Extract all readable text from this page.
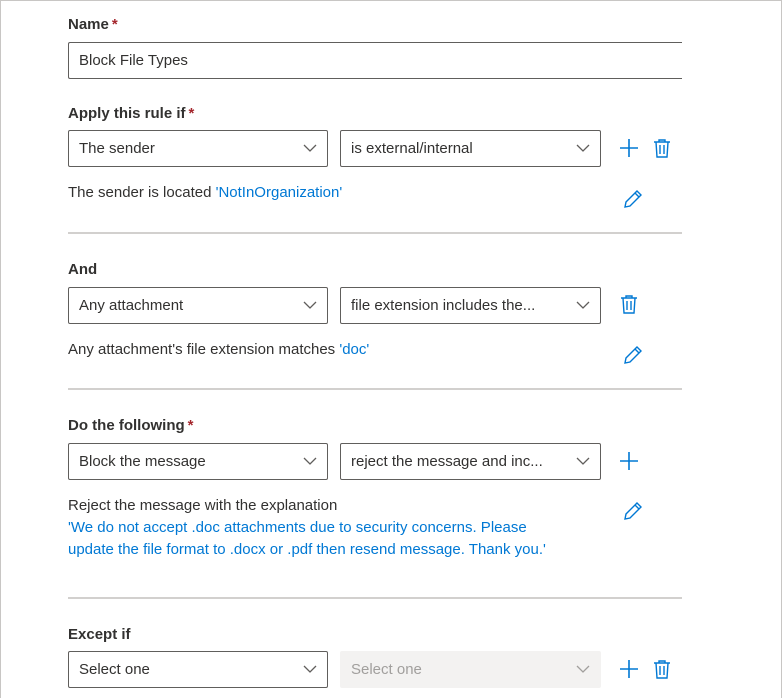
Name *
Block File Types
Apply this rule if *
The sender	is external/internal
The sender is located 'NotInOrganization'
And
Any attachment	file extension includes the...
Any attachment's file extension matches 'doc'
Do the following *
Block the message	reject the message and inc...
Reject the message with the explanation
'We do not accept .doc attachments due to security concerns. Please
update the file format to .docx or .pdf then resend message. Thank you.'
Except if
Select one	Select one
